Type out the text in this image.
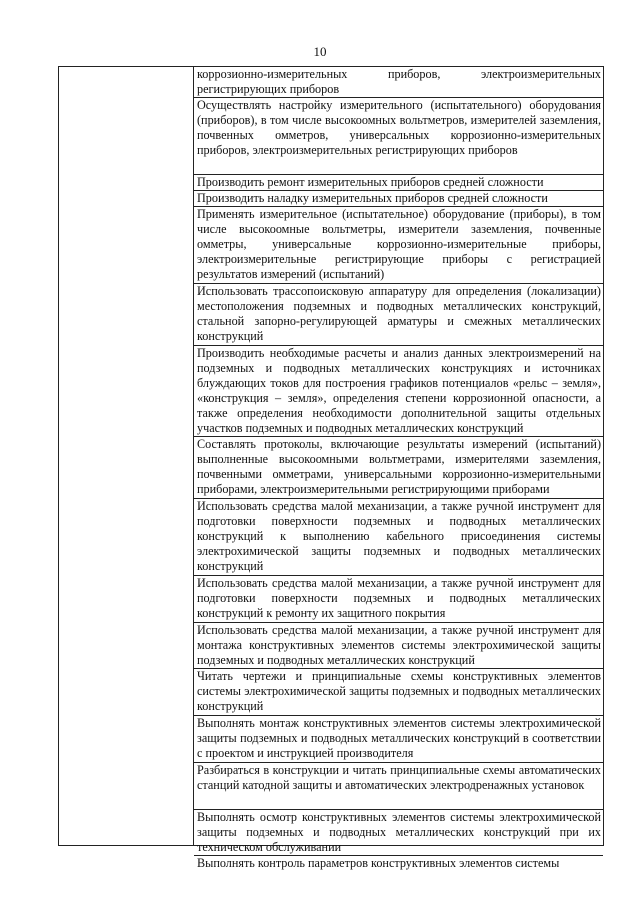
10
коррозионно-измерительных приборов, электроизмерительных регистрирующих приборов
Осуществлять настройку измерительного (испытательного) оборудования (приборов), в том числе высокоомных вольтметров, измерителей заземления, почвенных омметров, универсальных коррозионно-измерительных приборов, электроизмерительных регистрирующих приборов
Производить ремонт измерительных приборов средней сложности
Производить наладку измерительных приборов средней сложности
Применять измерительное (испытательное) оборудование (приборы), в том числе высокоомные вольтметры, измерители заземления, почвенные омметры, универсальные коррозионно-измерительные приборы, электроизмерительные регистрирующие приборы с регистрацией результатов измерений (испытаний)
Использовать трассопоисковую аппаратуру для определения (локализации) местоположения подземных и подводных металлических конструкций, стальной запорно-регулирующей арматуры и смежных металлических конструкций
Производить необходимые расчеты и анализ данных электроизмерений на подземных и подводных металлических конструкциях и источниках блуждающих токов для построения графиков потенциалов «рельс – земля», «конструкция – земля», определения степени коррозионной опасности, а также определения необходимости дополнительной защиты отдельных участков подземных и подводных металлических конструкций
Составлять протоколы, включающие результаты измерений (испытаний) выполненные высокоомными вольтметрами, измерителями заземления, почвенными омметрами, универсальными коррозионно-измерительными приборами, электроизмерительными регистрирующими приборами
Использовать средства малой механизации, а также ручной инструмент для подготовки поверхности подземных и подводных металлических конструкций к выполнению кабельного присоединения системы электрохимической защиты подземных и подводных металлических конструкций
Использовать средства малой механизации, а также ручной инструмент для подготовки поверхности подземных и подводных металлических конструкций к ремонту их защитного покрытия
Использовать средства малой механизации, а также ручной инструмент для монтажа конструктивных элементов системы электрохимической защиты подземных и подводных металлических конструкций
Читать чертежи и принципиальные схемы конструктивных элементов системы электрохимической защиты подземных и подводных металлических конструкций
Выполнять монтаж конструктивных элементов системы электрохимической защиты подземных и подводных металлических конструкций в соответствии с проектом и инструкцией производителя
Разбираться в конструкции и читать принципиальные схемы автоматических станций катодной защиты и автоматических электродренажных установок
Выполнять осмотр конструктивных элементов системы электрохимической защиты подземных и подводных металлических конструкций при их техническом обслуживании
Выполнять контроль параметров конструктивных элементов системы
